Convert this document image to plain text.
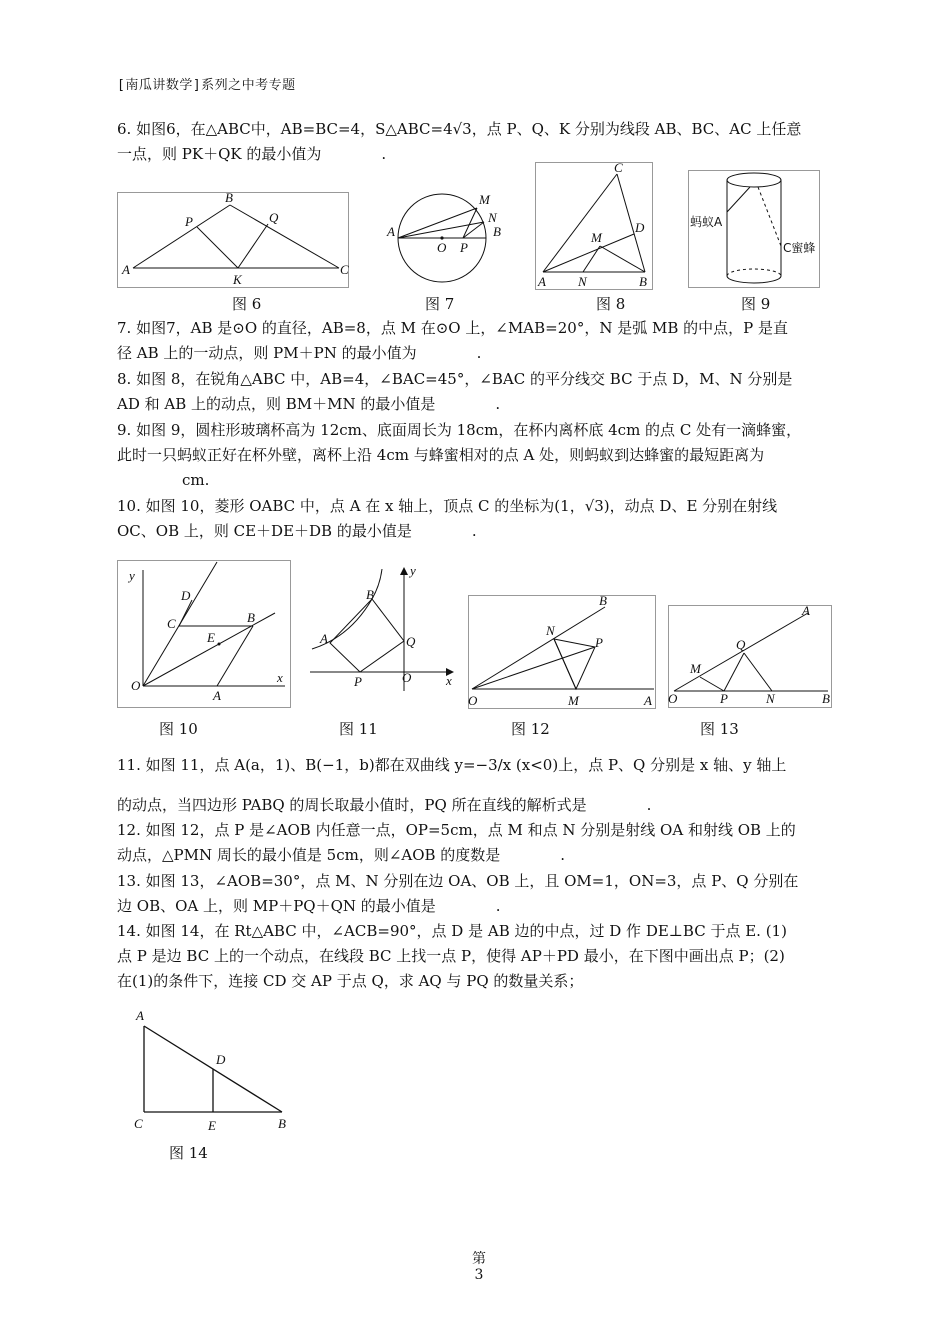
[南瓜讲数学]系列之中考专题
6. 如图6，在△ABC中，AB=BC=4，S△ABC=4√3，点 P、Q、K 分别为线段 AB、BC、AC 上任意
一点，则 PK＋QK 的最小值为　　　　.
A
B
C
P	Q
K
A	B
M
N
O P
C
D
M
A N	B
蚂蚁A
C蜜蜂
图 6	图 7	图 8	图 9
7. 如图7，AB 是⊙O 的直径，AB=8，点 M 在⊙O 上，∠MAB=20°，N 是弧 MB 的中点，P 是直
径 AB 上的一动点，则 PM＋PN 的最小值为　　　　.
8. 如图 8，在锐角△ABC 中，AB=4，∠BAC=45°，∠BAC 的平分线交 BC 于点 D，M、N 分别是
AD 和 AB 上的动点，则 BM＋MN 的最小值是　　　　.
9. 如图 9，圆柱形玻璃杯高为 12cm、底面周长为 18cm，在杯内离杯底 4cm 的点 C 处有一滴蜂蜜，
此时一只蚂蚁正好在杯外壁，离杯上沿 4cm 与蜂蜜相对的点 A 处，则蚂蚁到达蜂蜜的最短距离为
cm.
10. 如图 10，菱形 OABC 中，点 A 在 x 轴上，顶点 C 的坐标为(1，√3)，动点 D、E 分别在射线
OC、OB 上，则 CE＋DE＋DB 的最小值是　　　　.
y
x
O
A
B
C
D
E
y
x
A
B
P
Q
O
O	A
B
N
P
M	O	B
A
M
P
Q
N
图 10	图 11	图 12	图 13
11. 如图 11，点 A(a，1)、B(−1，b)都在双曲线 y=−3/x (x<0)上，点 P、Q 分别是 x 轴、y 轴上
的动点，当四边形 PABQ 的周长取最小值时，PQ 所在直线的解析式是　　　　.
12. 如图 12，点 P 是∠AOB 内任意一点，OP=5cm，点 M 和点 N 分别是射线 OA 和射线 OB 上的
动点，△PMN 周长的最小值是 5cm，则∠AOB 的度数是　　　　.
13. 如图 13，∠AOB=30°，点 M、N 分别在边 OA、OB 上，且 OM=1，ON=3，点 P、Q 分别在
边 OB、OA 上，则 MP＋PQ＋QN 的最小值是　　　　.
14. 如图 14，在 Rt△ABC 中，∠ACB=90°，点 D 是 AB 边的中点，过 D 作 DE⊥BC 于点 E. (1)
点 P 是边 BC 上的一个动点，在线段 BC 上找一点 P，使得 AP＋PD 最小，在下图中画出点 P；(2)
在(1)的条件下，连接 CD 交 AP 于点 Q，求 AQ 与 PQ 的数量关系；
A
D
C	E	B
图 14
第
3
